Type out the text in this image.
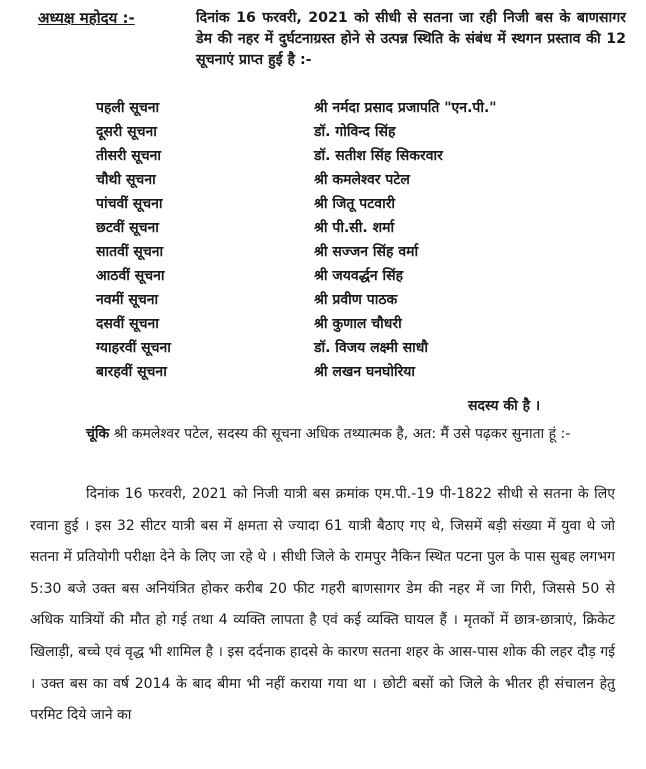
अध्यक्ष महोदय :-	दिनांक 16 फरवरी, 2021 को सीधी से सतना जा रही निजी बस के बाणसागर डेम की नहर में दुर्घटनाग्रस्त होने से उत्पन्न स्थिति के संबंध में स्थगन प्रस्ताव की 12 सूचनाएं प्राप्त हुई है :-
पहली सूचना	श्री नर्मदा प्रसाद प्रजापति "एन.पी."
दूसरी सूचना	डॉ. गोविन्द सिंह
तीसरी सूचना	डॉ. सतीश सिंह सिकरवार
चौथी सूचना	श्री कमलेश्वर पटेल
पांचवीं सूचना	श्री जितू पटवारी
छटवीं सूचना	श्री पी.सी. शर्मा
सातवीं सूचना	श्री सज्जन सिंह वर्मा
आठवीं सूचना	श्री जयवर्द्धन सिंह
नवमीं सूचना	श्री प्रवीण पाठक
दसवीं सूचना	श्री कुणाल चौधरी
ग्याहरवीं सूचना	डॉ. विजय लक्ष्मी साधौ
बारहवीं सूचना	श्री लखन घनघोरिया
सदस्य की है ।
चूंकि श्री कमलेश्वर पटेल, सदस्य की सूचना अधिक तथ्यात्मक है, अत: मैं उसे पढ़कर सुनाता हूं :-
दिनांक 16 फरवरी, 2021 को निजी यात्री बस क्रमांक एम.पी.-19 पी-1822 सीधी से सतना के लिए रवाना हुई । इस 32 सीटर यात्री बस में क्षमता से ज्यादा 61 यात्री बैठाए गए थे, जिसमें बड़ी संख्या में युवा थे जो सतना में प्रतियोगी परीक्षा देने के लिए जा रहे थे । सीधी जिले के रामपुर नैकिन स्थित पटना पुल के पास सुबह लगभग 5:30 बजे उक्त बस अनियंत्रित होकर करीब 20 फीट गहरी बाणसागर डेम की नहर में जा गिरी, जिससे 50 से अधिक यात्रियों की मौत हो गई तथा 4 व्यक्ति लापता है एवं कई व्यक्ति घायल हैं । मृतकों में छात्र-छात्राएं, क्रिकेट खिलाड़ी, बच्चे एवं वृद्ध भी शामिल है । इस दर्दनाक हादसे के कारण सतना शहर के आस-पास शोक की लहर दौड़ गई । उक्त बस का वर्ष 2014 के बाद बीमा भी नहीं कराया गया था । छोटी बसों को जिले के भीतर ही संचालन हेतु परमिट दिये जाने का
